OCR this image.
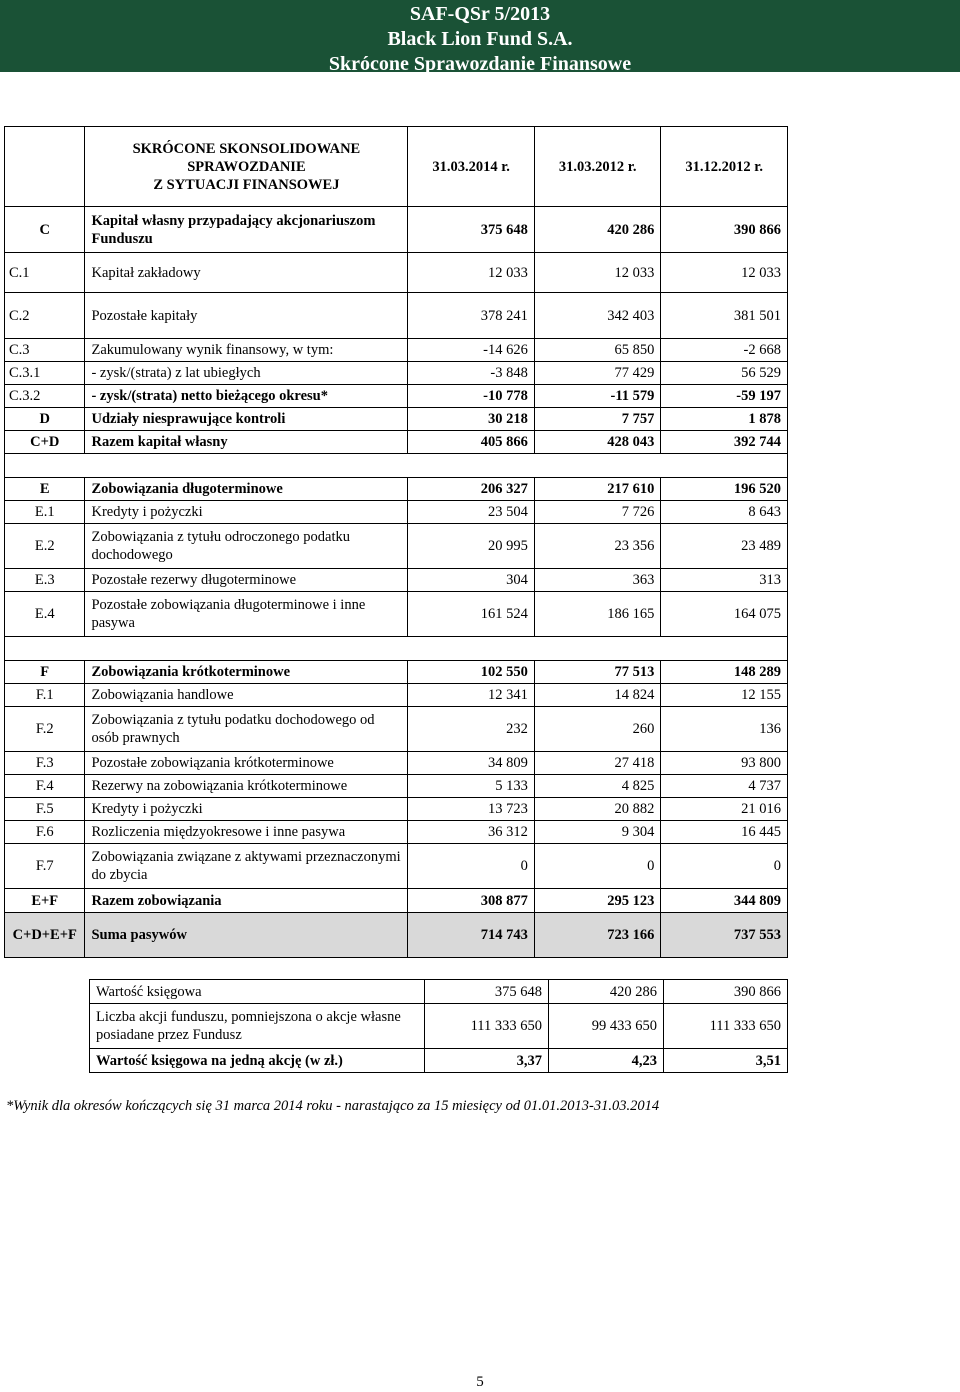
SAF-QSr 5/2013
Black Lion Fund S.A.
Skrócone Sprawozdanie Finansowe

	SKRÓCONE SKONSOLIDOWANE
SPRAWOZDANIE
Z SYTUACJI FINANSOWEJ	31.03.2014 r.	31.03.2012 r.	31.12.2012 r.
C	Kapitał własny przypadający akcjonariuszom Funduszu	375 648	420 286	390 866
C.1	Kapitał zakładowy	12 033	12 033	12 033
C.2	Pozostałe kapitały	378 241	342 403	381 501
C.3	Zakumulowany wynik finansowy, w tym:	-14 626	65 850	-2 668
C.3.1	- zysk/(strata) z lat ubiegłych	-3 848	77 429	56 529
C.3.2	- zysk/(strata) netto bieżącego okresu*	-10 778	-11 579	-59 197
D	Udziały niesprawujące kontroli	30 218	7 757	1 878
C+D	Razem kapitał własny	405 866	428 043	392 744

E	Zobowiązania długoterminowe	206 327	217 610	196 520
E.1	Kredyty i pożyczki	23 504	7 726	8 643
E.2	Zobowiązania z tytułu odroczonego podatku dochodowego	20 995	23 356	23 489
E.3	Pozostałe rezerwy długoterminowe	304	363	313
E.4	Pozostałe zobowiązania długoterminowe i inne pasywa	161 524	186 165	164 075

F	Zobowiązania krótkoterminowe	102 550	77 513	148 289
F.1	Zobowiązania handlowe	12 341	14 824	12 155
F.2	Zobowiązania z tytułu podatku dochodowego od osób prawnych	232	260	136
F.3	Pozostałe zobowiązania krótkoterminowe	34 809	27 418	93 800
F.4	Rezerwy na zobowiązania krótkoterminowe	5 133	4 825	4 737
F.5	Kredyty i pożyczki	13 723	20 882	21 016
F.6	Rozliczenia międzyokresowe i inne pasywa	36 312	9 304	16 445
F.7	Zobowiązania związane z aktywami przeznaczonymi do zbycia	0	0	0
E+F	Razem zobowiązania	308 877	295 123	344 809
C+D+E+F	Suma pasywów	714 743	723 166	737 553
Wartość księgowa	375 648	420 286	390 866
Liczba akcji funduszu, pomniejszona o akcje własne posiadane przez Fundusz	111 333 650	99 433 650	111 333 650
Wartość księgowa na jedną akcję (w zł.)	3,37	4,23	3,51
*Wynik dla okresów kończących się 31 marca 2014 roku - narastająco za 15 miesięcy od 01.01.2013-31.03.2014
5
